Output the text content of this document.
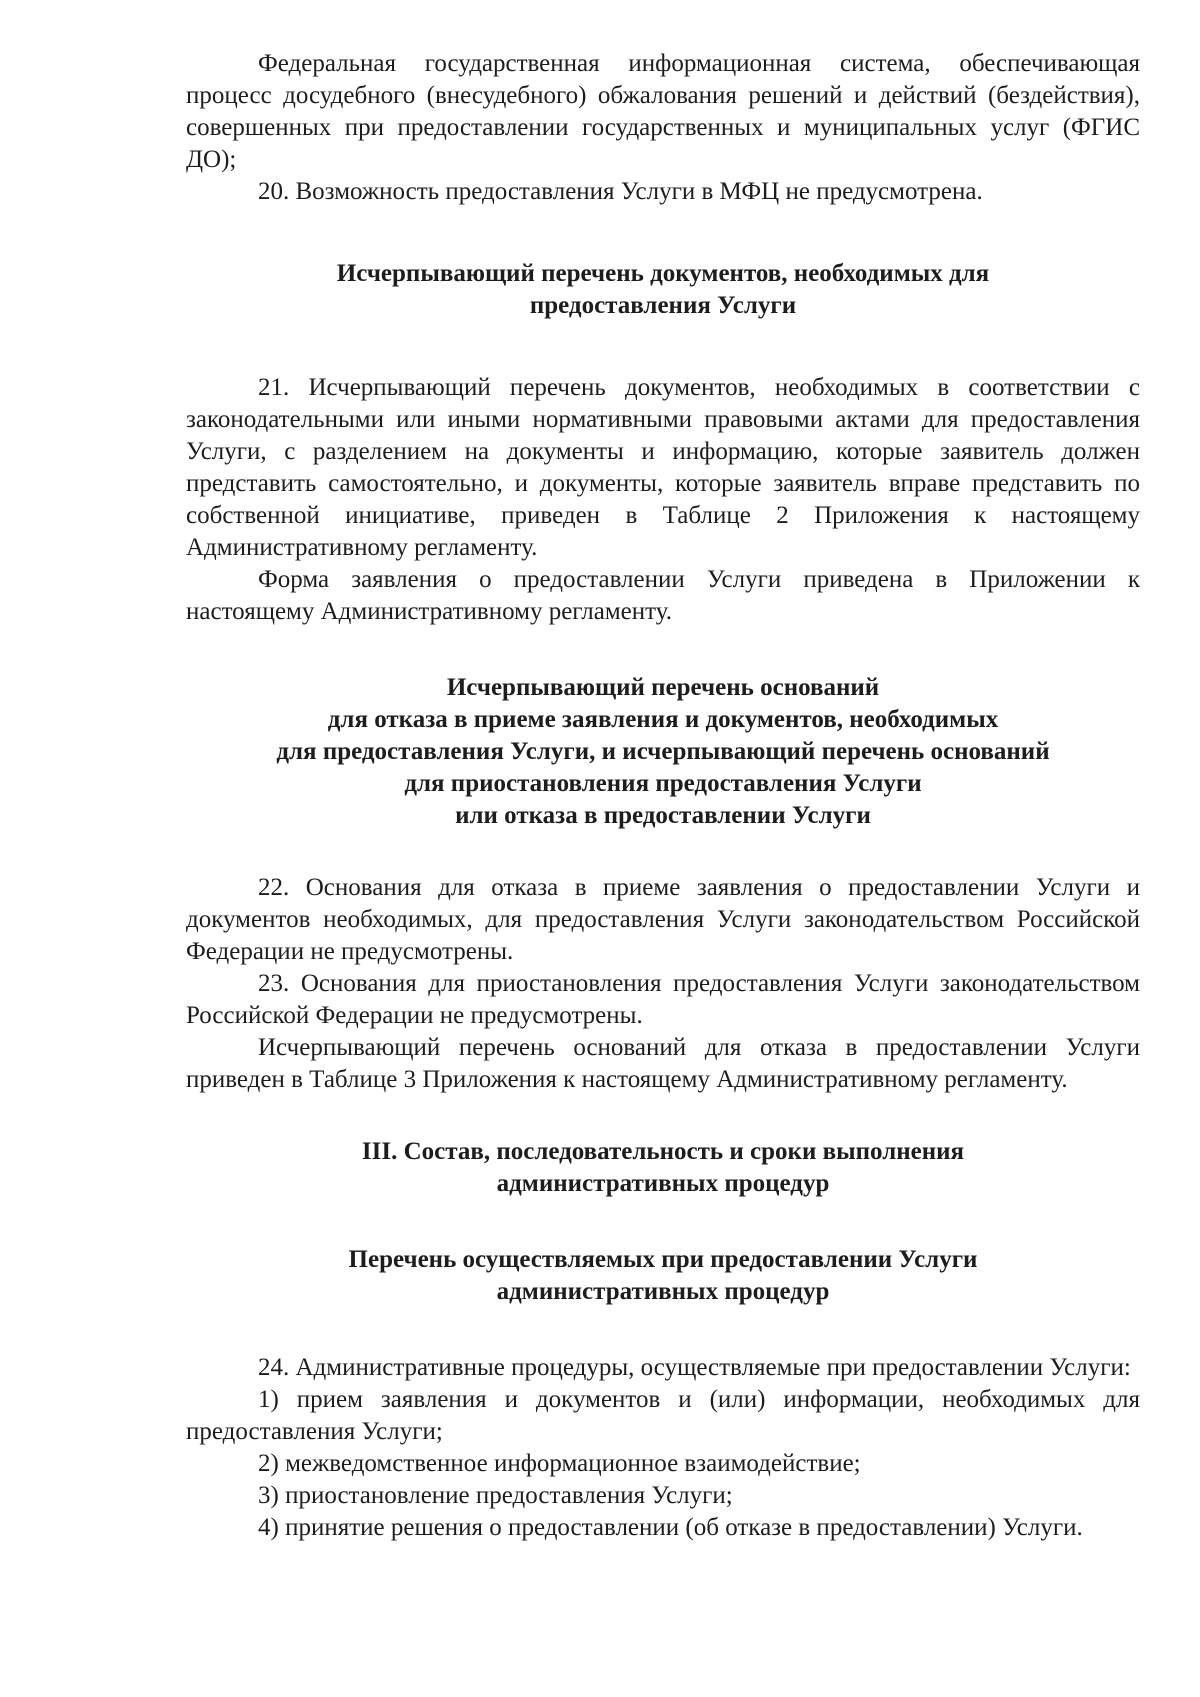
Федеральная государственная информационная система, обеспечивающая процесс досудебного (внесудебного) обжалования решений и действий (бездействия), совершенных при предоставлении государственных и муниципальных услуг (ФГИС ДО);

20. Возможность предоставления Услуги в МФЦ не предусмотрена.

Исчерпывающий перечень документов, необходимых для
предоставления Услуги

21. Исчерпывающий перечень документов, необходимых в соответствии с законодательными или иными нормативными правовыми актами для предоставления Услуги, с разделением на документы и информацию, которые заявитель должен представить самостоятельно, и документы, которые заявитель вправе представить по собственной инициативе, приведен в Таблице 2 Приложения к настоящему Административному регламенту.

Форма заявления о предоставлении Услуги приведена в Приложении к настоящему Административному регламенту.

Исчерпывающий перечень оснований
для отказа в приеме заявления и документов, необходимых
для предоставления Услуги, и исчерпывающий перечень оснований
для приостановления предоставления Услуги
или отказа в предоставлении Услуги

22. Основания для отказа в приеме заявления о предоставлении Услуги и документов необходимых, для предоставления Услуги законодательством Российской Федерации не предусмотрены.

23. Основания для приостановления предоставления Услуги законодательством Российской Федерации не предусмотрены.

Исчерпывающий перечень оснований для отказа в предоставлении Услуги приведен в Таблице 3 Приложения к настоящему Административному регламенту.

III. Состав, последовательность и сроки выполнения
административных процедур
Перечень осуществляемых при предоставлении Услуги
административных процедур

24. Административные процедуры, осуществляемые при предоставлении Услуги:

1) прием заявления и документов и (или) информации, необходимых для предоставления Услуги;

2) межведомственное информационное взаимодействие;

3) приостановление предоставления Услуги;

4) принятие решения о предоставлении (об отказе в предоставлении) Услуги.
